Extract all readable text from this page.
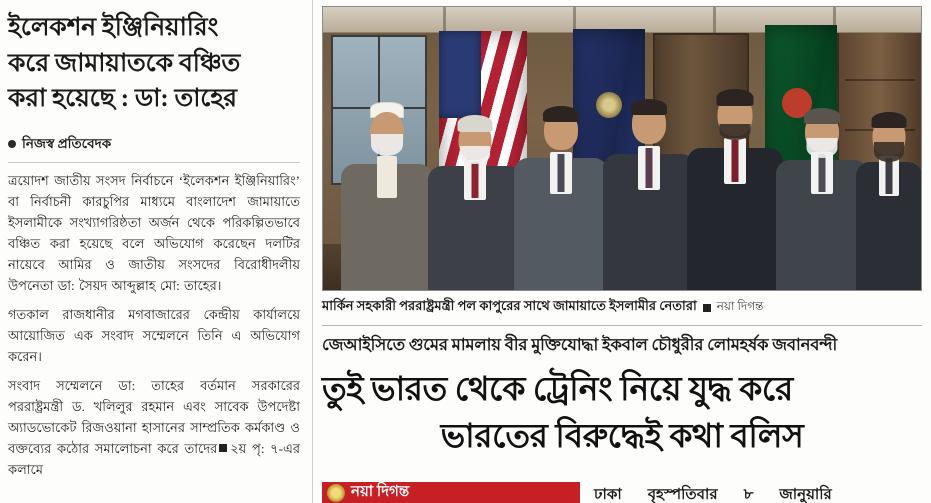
ইলেকশন ইঞ্জিনিয়ারিং
করে জামায়াতকে বঞ্চিত
করা হয়েছে : ডা: তাহের
নিজস্ব প্রতিবেদক

ত্রয়োদশ জাতীয় সংসদ নির্বাচনে ‘ইলেকশন ইঞ্জিনিয়ারিং’ বা নির্বাচনী কারচুপির মাধ্যমে বাংলাদেশ জামায়াতে ইসলামীকে সংখ্যাগরিষ্ঠতা অর্জন থেকে পরিকল্পিতভাবে বঞ্চিত করা হয়েছে বলে অভিযোগ করেছেন দলটির নায়েবে আমির ও জাতীয় সংসদের বিরোধীদলীয় উপনেতা ডা: সৈয়দ আব্দুল্লাহ মো: তাহের।

গতকাল রাজধানীর মগবাজারের কেন্দ্রীয় কার্যালয়ে আয়োজিত এক সংবাদ সম্মেলনে তিনি এ অভিযোগ করেন।

সংবাদ সম্মেলনে ডা: তাহের বর্তমান সরকারের পররাষ্ট্রমন্ত্রী ড. খলিলুর রহমান এবং সাবেক উপদেষ্টা অ্যাডভোকেট রিজওয়ানা হাসানের সাম্প্রতিক কর্মকাণ্ড ও বক্তব্যের কঠোর সমালোচনা করে তাদের ২য় পৃ: ৭-এর কলামে

মার্কিন সহকারী পররাষ্ট্রমন্ত্রী পল কাপুরের সাথে জামায়াতে ইসলামীর নেতারা নয়া দিগন্ত
জেআইসিতে গুমের মামলায় বীর মুক্তিযোদ্ধা ইকবাল চৌধুরীর লোমহর্ষক জবানবন্দী
তুই ভারত থেকে ট্রেনিং নিয়ে যুদ্ধ করে
ভারতের বিরুদ্ধেই কথা বলিস
নয়া দিগন্ত	ঢাকা বৃহস্পতিবার ৮ জানুয়ারি
